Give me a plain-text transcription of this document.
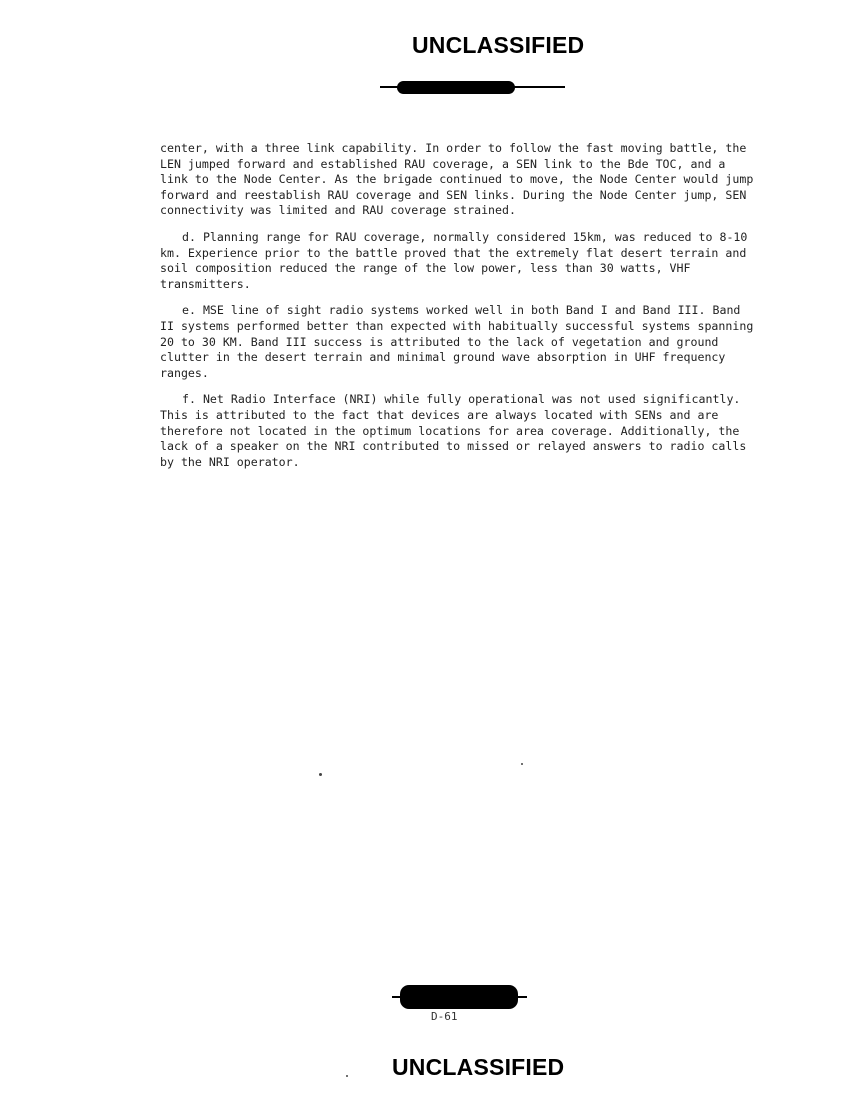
UNCLASSIFIED

center, with a three link capability. In order to follow the fast moving battle, the LEN jumped forward and established RAU coverage, a SEN link to the Bde TOC, and a link to the Node Center. As the brigade continued to move, the Node Center would jump forward and reestablish RAU coverage and SEN links. During the Node Center jump, SEN connectivity was limited and RAU coverage strained.

d. Planning range for RAU coverage, normally considered 15km, was reduced to 8-10 km. Experience prior to the battle proved that the extremely flat desert terrain and soil composition reduced the range of the low power, less than 30 watts, VHF transmitters.

e. MSE line of sight radio systems worked well in both Band I and Band III. Band II systems performed better than expected with habitually successful systems spanning 20 to 30 KM. Band III success is attributed to the lack of vegetation and ground clutter in the desert terrain and minimal ground wave absorption in UHF frequency ranges.

f. Net Radio Interface (NRI) while fully operational was not used significantly. This is attributed to the fact that devices are always located with SENs and are therefore not located in the optimum locations for area coverage. Additionally, the lack of a speaker on the NRI contributed to missed or relayed answers to radio calls by the NRI operator.

D-61
UNCLASSIFIED
